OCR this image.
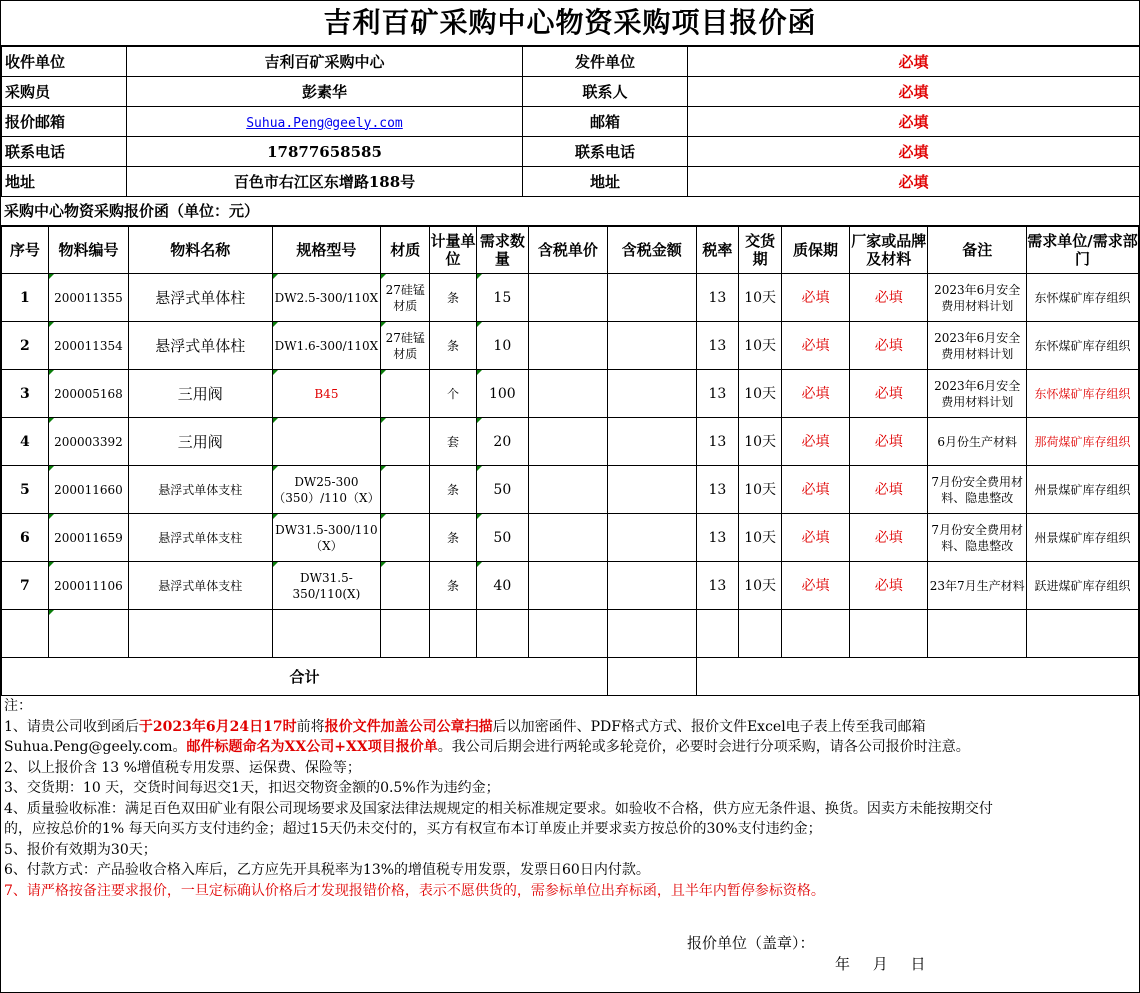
吉利百矿采购中心物资采购项目报价函
收件单位	吉利百矿采购中心	发件单位	必填
采购员	彭素华	联系人	必填
报价邮箱	Suhua.Peng@geely.com	邮箱	必填
联系电话	17877658585	联系电话	必填
地址	百色市右江区东增路188号	地址	必填
采购中心物资采购报价函（单位：元）
序号	物料编号	物料名称	规格型号	材质	计量单位	需求数量	含税单价	含税金额	税率	交货期	质保期	厂家或品牌及材料	备注	需求单位/需求部门
1	200011355	悬浮式单体柱	DW2.5-300/110X	27硅锰材质	条	15			13	10天	必填	必填	2023年6月安全费用材料计划	东怀煤矿库存组织
2	200011354	悬浮式单体柱	DW1.6-300/110X	27硅锰材质	条	10			13	10天	必填	必填	2023年6月安全费用材料计划	东怀煤矿库存组织
3	200005168	三用阀	B45		个	100			13	10天	必填	必填	2023年6月安全费用材料计划	东怀煤矿库存组织
4	200003392	三用阀			套	20			13	10天	必填	必填	6月份生产材料	那荷煤矿库存组织
5	200011660	悬浮式单体支柱	DW25-300（350）/110（X）		条	50			13	10天	必填	必填	7月份安全费用材料、隐患整改	州景煤矿库存组织
6	200011659	悬浮式单体支柱	DW31.5-300/110（X）		条	50			13	10天	必填	必填	7月份安全费用材料、隐患整改	州景煤矿库存组织
7	200011106	悬浮式单体支柱	DW31.5-350/110(X)		条	40			13	10天	必填	必填	23年7月生产材料	跃进煤矿库存组织

合计														
注：
1、请贵公司收到函后于2023年6月24日17时前将报价文件加盖公司公章扫描后以加密函件、PDF格式方式、报价文件Excel电子表上传至我司邮箱
Suhua.Peng@geely.com。邮件标题命名为XX公司+XX项目报价单。我公司后期会进行两轮或多轮竞价，必要时会进行分项采购，请各公司报价时注意。
2、以上报价含 13 %增值税专用发票、运保费、保险等；
3、交货期：10 天，交货时间每迟交1天，扣迟交物资金额的0.5%作为违约金；
4、质量验收标准：满足百色双田矿业有限公司现场要求及国家法律法规规定的相关标准规定要求。如验收不合格，供方应无条件退、换货。因卖方未能按期交付
的，应按总价的1% 每天向买方支付违约金；超过15天仍未交付的，买方有权宣布本订单废止并要求卖方按总价的30%支付违约金；
5、报价有效期为30天；
6、付款方式：产品验收合格入库后，乙方应先开具税率为13%的增值税专用发票，发票日60日内付款。
7、请严格按备注要求报价，一旦定标确认价格后才发现报错价格，表示不愿供货的，需参标单位出弃标函，且半年内暂停参标资格。
报价单位（盖章）：
年 月 日
